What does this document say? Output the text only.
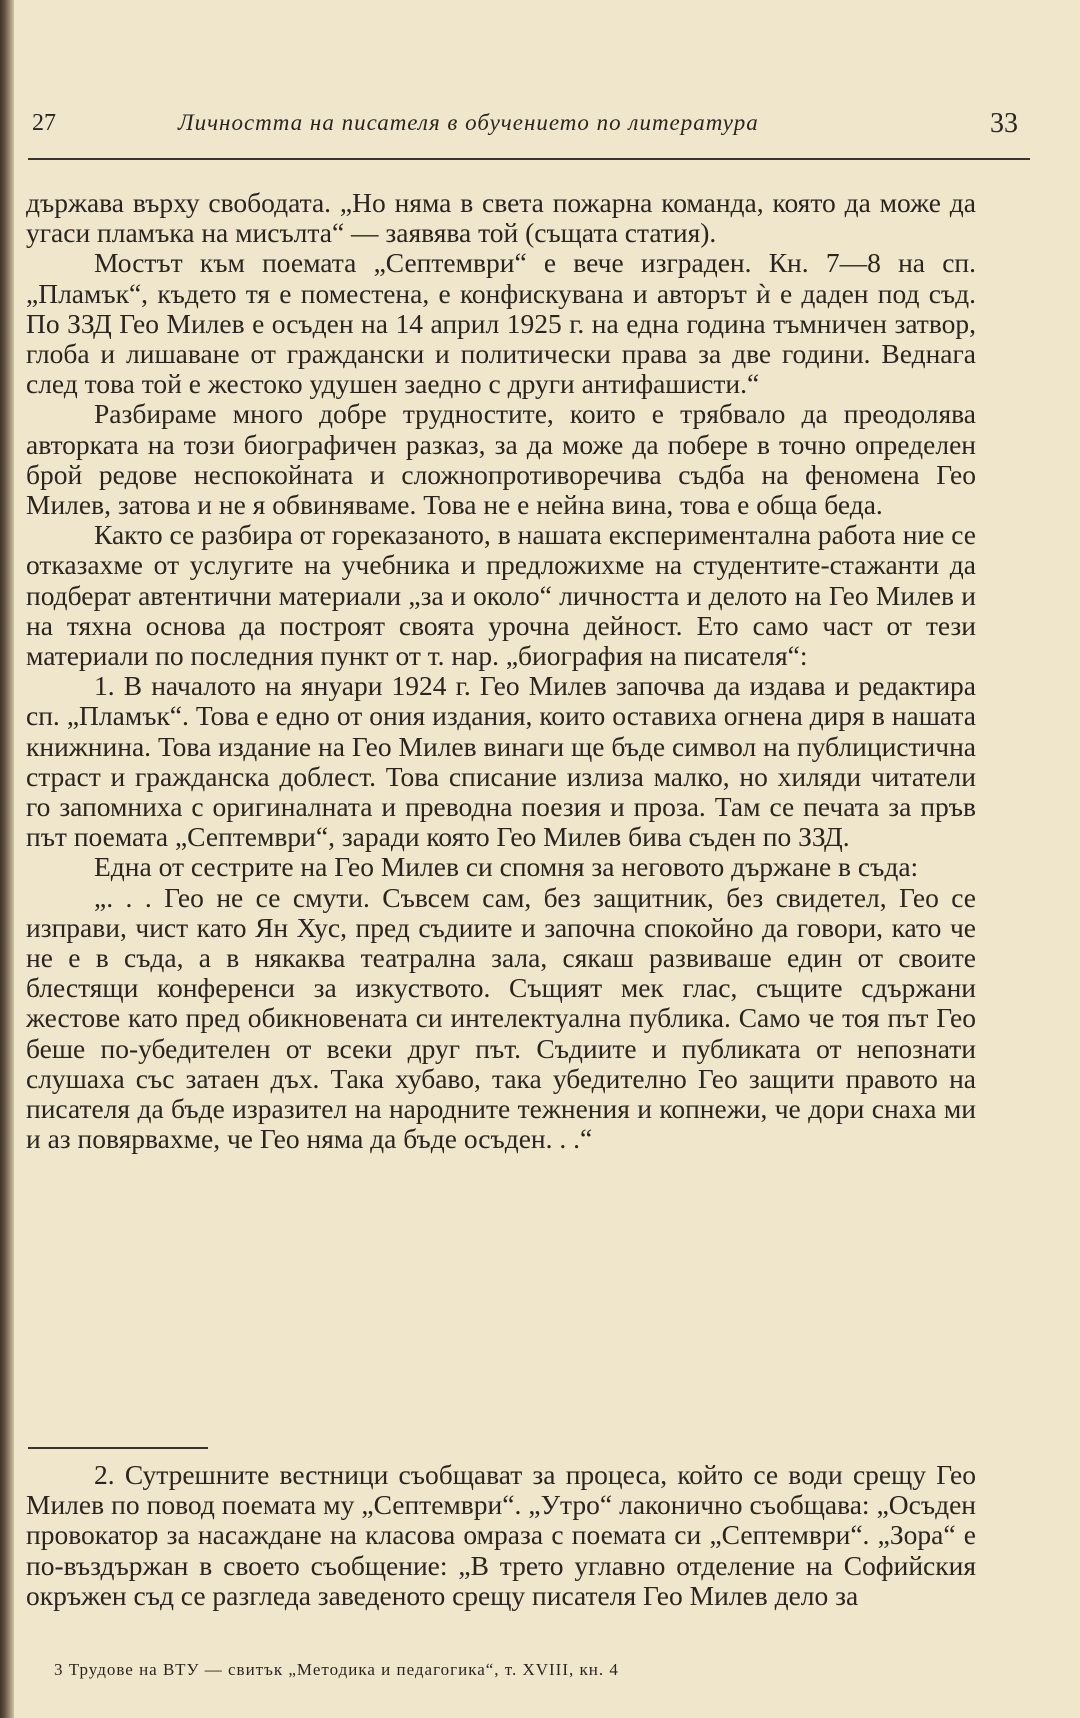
27	Личността на писателя в обучението по литература	33

държава върху свободата. „Но няма в света пожарна команда, която да може да угаси пламъка на мисълта“ — заявява той (същата статия).

Мостът към поемата „Септември“ е вече изграден. Кн. 7—8 на сп. „Пламък“, където тя е поместена, е конфискувана и авторът ѝ е даден под съд. По ЗЗД Гео Милев е осъден на 14 април 1925 г. на една година тъмничен затвор, глоба и лишаване от граждански и политически права за две години. Веднага след това той е жестоко удушен заедно с други антифашисти.“

Разбираме много добре трудностите, които е трябвало да преодолява авторката на този биографичен разказ, за да може да побере в точно определен брой редове неспокойната и сложнопротиворечива съдба на феномена Гео Милев, затова и не я обвиняваме. Това не е нейна вина, това е обща беда.

Както се разбира от гореказаното, в нашата експериментална работа ние се отказахме от услугите на учебника и предложихме на студентите-стажанти да подберат автентични материали „за и около“ личността и делото на Гео Милев и на тяхна основа да построят своята урочна дейност. Ето само част от тези материали по последния пункт от т. нар. „биография на писателя“:

1. В началото на януари 1924 г. Гео Милев започва да издава и редактира сп. „Пламък“. Това е едно от ония издания, които оставиха огнена диря в нашата книжнина. Това издание на Гео Милев винаги ще бъде символ на публицистична страст и гражданска доблест. Това списание излиза малко, но хиляди читатели го запомниха с оригиналната и преводна поезия и проза. Там се печата за пръв път поемата „Септември“, заради която Гео Милев бива съден по ЗЗД.

Една от сестрите на Гео Милев си спомня за неговото държане в съда:

„. . . Гео не се смути. Съвсем сам, без защитник, без свидетел, Гео се изправи, чист като Ян Хус, пред съдиите и започна спокойно да говори, като че не е в съда, а в някаква театрална зала, сякаш развиваше един от своите блестящи конференси за изкуството. Същият мек глас, същите сдържани жестове като пред обикновената си интелектуална публика. Само че тоя път Гео беше по-убедителен от всеки друг път. Съдиите и публиката от непознати слушаха със затаен дъх. Така хубаво, така убедително Гео защити правото на писателя да бъде изразител на народните тежнения и копнежи, че дори снаха ми и аз повярвахме, че Гео няма да бъде осъден. . .“

2. Сутрешните вестници съобщават за процеса, който се води срещу Гео Милев по повод поемата му „Септември“. „Утро“ лаконично съобщава: „Осъден провокатор за насаждане на класова омраза с поемата си „Септември“. „Зора“ е по-въздържан в своето съобщение: „В трето углавно отделение на Софийския окръжен съд се разгледа заведеното срещу писателя Гео Милев дело за

3 Трудове на ВТУ — свитък „Методика и педагогика“, т. XVIII, кн. 4
